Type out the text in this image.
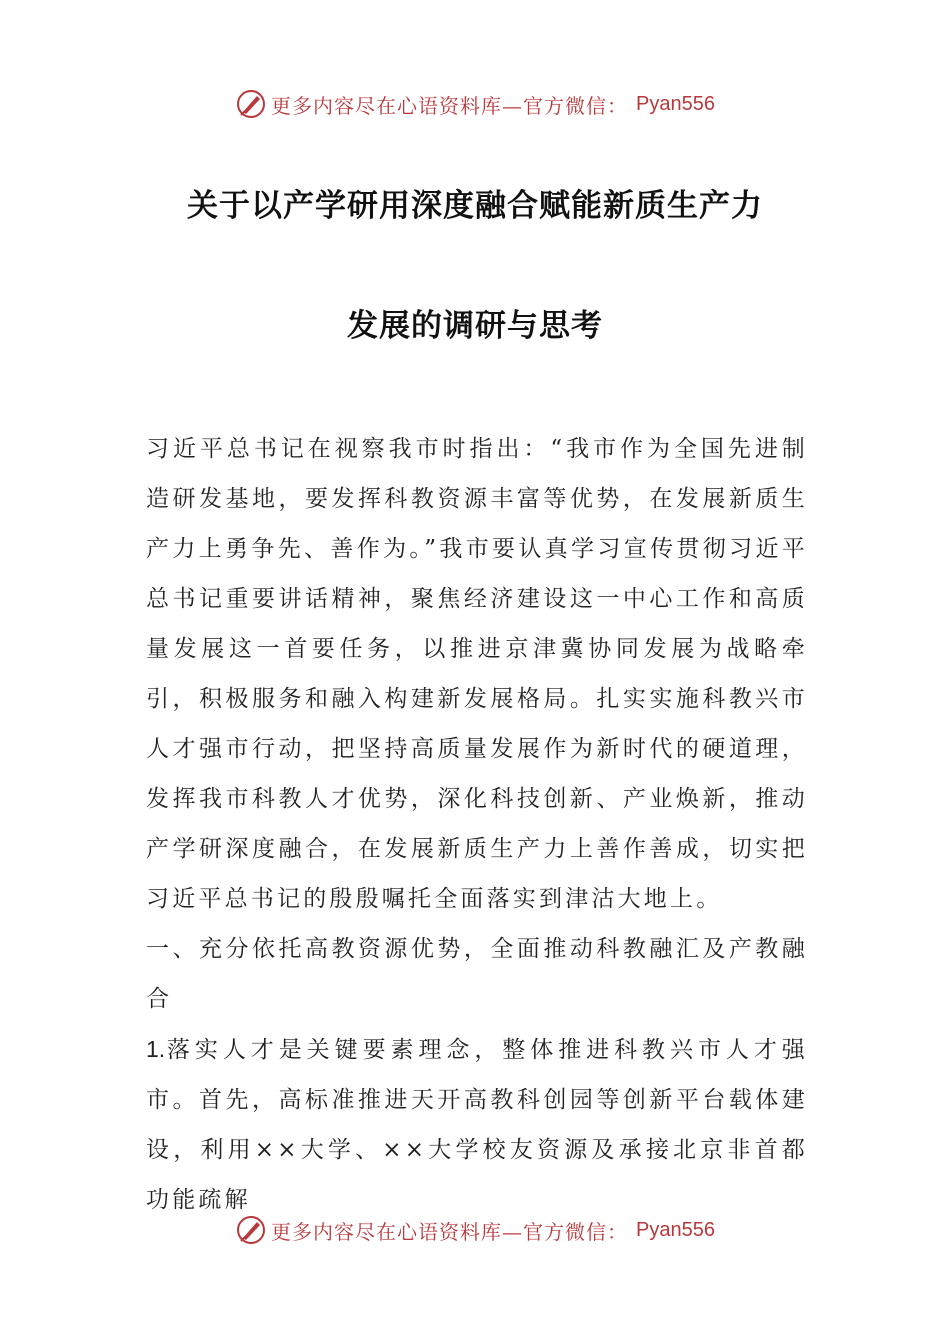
更多内容尽在心语资料库—官方微信： Pyan556
关于以产学研用深度融合赋能新质生产力
发展的调研与思考

习近平总书记在视察我市时指出：“我市作为全国先进制造研发基地，要发挥科教资源丰富等优势，在发展新质生产力上勇争先、善作为。”我市要认真学习宣传贯彻习近平总书记重要讲话精神，聚焦经济建设这一中心工作和高质量发展这一首要任务，以推进京津冀协同发展为战略牵引，积极服务和融入构建新发展格局。扎实实施科教兴市人才强市行动，把坚持高质量发展作为新时代的硬道理，发挥我市科教人才优势，深化科技创新、产业焕新，推动产学研深度融合，在发展新质生产力上善作善成，切实把习近平总书记的殷殷嘱托全面落实到津沽大地上。

一、充分依托高教资源优势，全面推动科教融汇及产教融合

1.落实人才是关键要素理念，整体推进科教兴市人才强市。首先，高标准推进天开高教科创园等创新平台载体建设，利用××大学、××大学校友资源及承接北京非首都功能疏解

更多内容尽在心语资料库—官方微信： Pyan556
